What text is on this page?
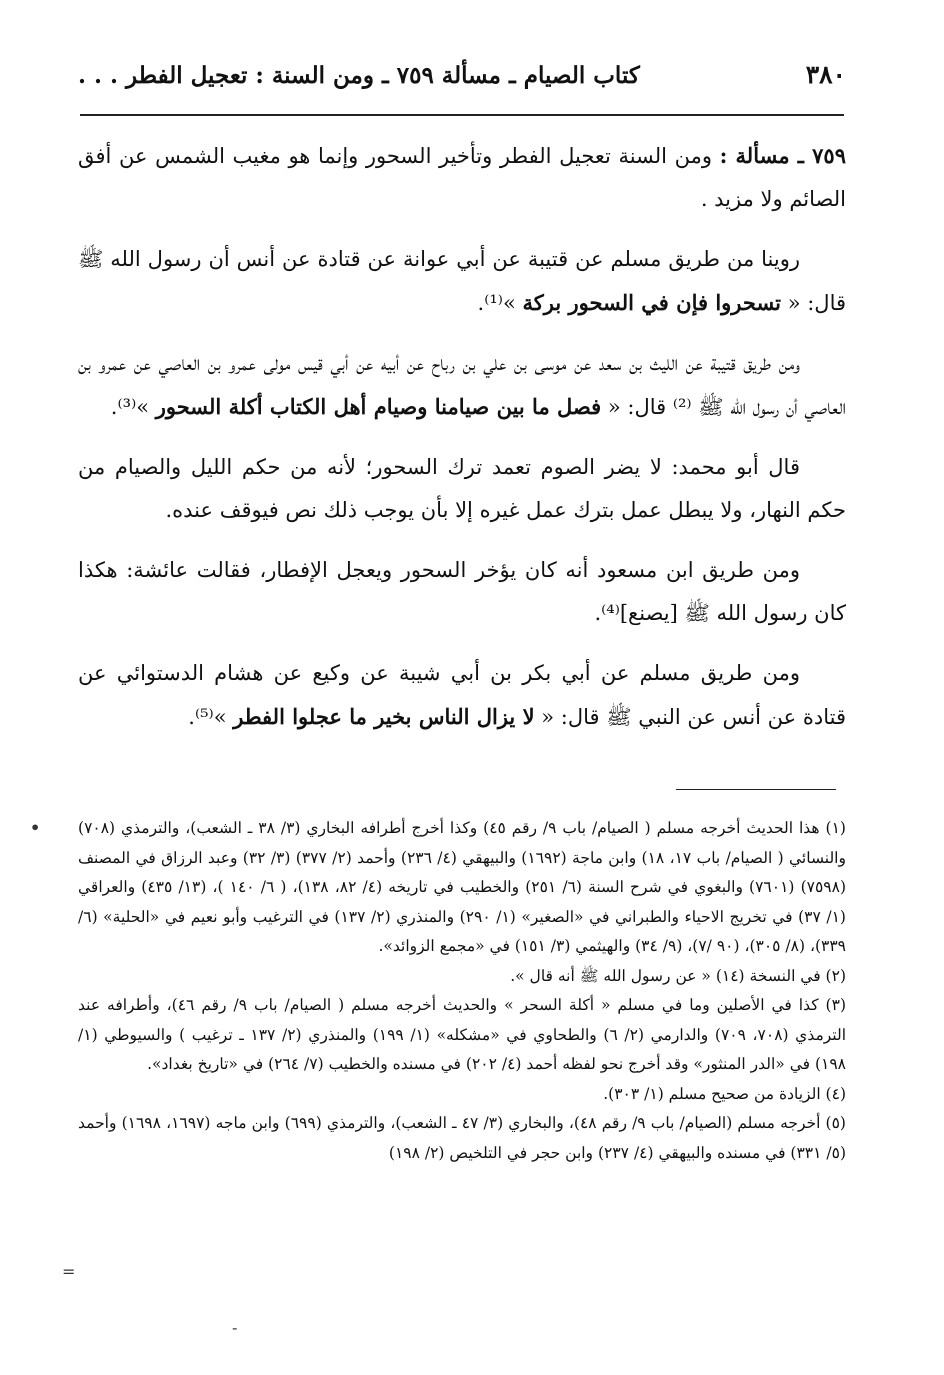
٣٨٠
كتاب الصيام ـ مسألة ٧٥٩ ـ ومن السنة : تعجيل الفطر . . .

٧٥٩ ـ مسألة : ومن السنة تعجيل الفطر وتأخير السحور وإنما هو مغيب الشمس عن أفق الصائم ولا مزيد .

روينا من طريق مسلم عن قتيبة عن أبي عوانة عن قتادة عن أنس أن رسول الله ﷺ قال: « تسحروا فإن في السحور بركة »⁽¹⁾.

ومن طريق قتيبة عن الليث بن سعد عن موسى بن علي بن رباح عن أبيه عن أبي قيس مولى عمرو بن العاصي عن عمرو بن العاصي أن رسول الله ﷺ ⁽²⁾ قال: « فصل ما بين صيامنا وصيام أهل الكتاب أكلة السحور »⁽³⁾.

قال أبو محمد: لا يضر الصوم تعمد ترك السحور؛ لأنه من حكم الليل والصيام من حكم النهار، ولا يبطل عمل بترك عمل غيره إلا بأن يوجب ذلك نص فيوقف عنده.

ومن طريق ابن مسعود أنه كان يؤخر السحور ويعجل الإفطار، فقالت عائشة: هكذا كان رسول الله ﷺ [يصنع]⁽⁴⁾.

ومن طريق مسلم عن أبي بكر بن أبي شيبة عن وكيع عن هشام الدستوائي عن قتادة عن أنس عن النبي ﷺ قال: « لا يزال الناس بخير ما عجلوا الفطر »⁽⁵⁾.

(١) هذا الحديث أخرجه مسلم ( الصيام/ باب ٩/ رقم ٤٥) وكذا أخرج أطرافه البخاري (٣/ ٣٨ ـ الشعب)، والترمذي (٧٠٨) والنسائي ( الصيام/ باب ١٧، ١٨) وابن ماجة (١٦٩٢) والبيهقي (٤/ ٢٣٦) وأحمد (٢/ ٣٧٧) (٣/ ٣٢) وعبد الرزاق في المصنف (٧٥٩٨) (٧٦٠١) والبغوي في شرح السنة (٦/ ٢٥١) والخطيب في تاريخه (٤/ ٨٢، ١٣٨)، ( ٦/ ١٤٠ )، (١٣/ ٤٣٥) والعراقي (١/ ٣٧) في تخريج الاحياء والطبراني في «الصغير» (١/ ٢٩٠) والمنذري (٢/ ١٣٧) في الترغيب وأبو نعيم في «الحلية» (٦/ ٣٣٩)، (٨/ ٣٠٥)، (٩٠ /٧)، (٩/ ٣٤) والهيثمي (٣/ ١٥١) في «مجمع الزوائد».

(٢) في النسخة (١٤) « عن رسول الله ﷺ أنه قال ».

(٣) كذا في الأصلين وما في مسلم « أكلة السحر » والحديث أخرجه مسلم ( الصيام/ باب ٩/ رقم ٤٦)، وأطرافه عند الترمذي (٧٠٨، ٧٠٩) والدارمي (٢/ ٦) والطحاوي في «مشكله» (١/ ١٩٩) والمنذري (٢/ ١٣٧ ـ ترغيب ) والسيوطي (١/ ١٩٨) في «الدر المنثور» وقد أخرج نحو لفظه أحمد (٤/ ٢٠٢) في مسنده والخطيب (٧/ ٢٦٤) في «تاريخ بغداد».

(٤) الزيادة من صحيح مسلم (١/ ٣٠٣).

(٥) أخرجه مسلم (الصيام/ باب ٩/ رقم ٤٨)، والبخاري (٣/ ٤٧ ـ الشعب)، والترمذي (٦٩٩) وابن ماجه (١٦٩٧، ١٦٩٨) وأحمد (٥/ ٣٣١) في مسنده والبيهقي (٤/ ٢٣٧) وابن حجر في التلخيص (٢/ ١٩٨)

=
-
•
